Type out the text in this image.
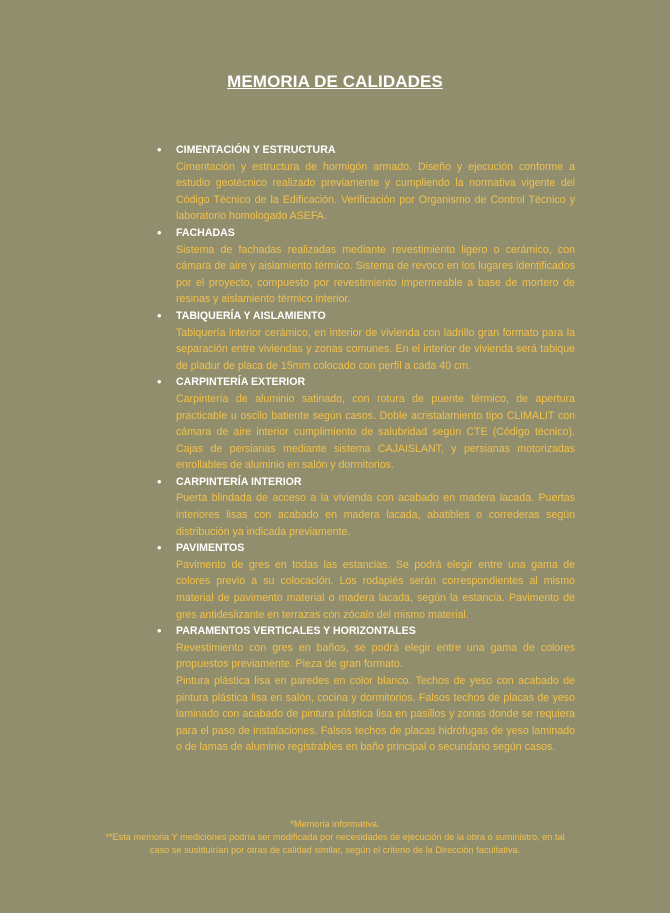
MEMORIA DE CALIDADES
• CIMENTACIÓN Y ESTRUCTURA

Cimentación y estructura de hormigón armado. Diseño y ejecución conforme a estudio geotécnico realizado previamente y cumpliendo la normativa vigente del Código Técnico de la Edificación. Verificación por Organismo de Control Técnico y laboratorio homologado ASEFA.

• FACHADAS

Sistema de fachadas realizadas mediante revestimiento ligero o cerámico, con cámara de aire y aislamiento térmico. Sistema de revoco en los lugares identificados por el proyecto, compuesto por revestimiento impermeable a base de mortero de resinas y aislamiento térmico interior.

• TABIQUERÍA Y AISLAMIENTO

Tabiquería interior cerámico, en interior de vivienda con ladrillo gran formato para la separación entre viviendas y zonas comunes. En el interior de vivienda será tabique de pladur de placa de 15mm colocado con perfil a cada 40 cm.

• CARPINTERÍA EXTERIOR

Carpintería de aluminio satinado, con rotura de puente térmico, de apertura practicable u oscilo batiente según casos. Doble acristalamiento tipo CLIMALIT con cámara de aire interior cumplimiento de salubridad según CTE (Código técnico). Cajas de persianas mediante sistema CAJAISLANT, y persianas motorizadas enrollables de aluminio en salón y dormitorios.

• CARPINTERÍA INTERIOR

Puerta blindada de acceso a la vivienda con acabado en madera lacada. Puertas interiores lisas con acabado en madera lacada, abatibles o correderas según distribución ya indicada previamente.

• PAVIMENTOS

Pavimento de gres en todas las estancias. Se podrá elegir entre una gama de colores previo a su colocación. Los rodapiés serán correspondientes al mismo material de pavimento material o madera lacada, según la estancia. Pavimento de gres antideslizante en terrazas con zócalo del mismo material.

• PARAMENTOS VERTICALES Y HORIZONTALES

Revestimiento con gres en baños, se podrá elegir entre una gama de colores propuestos previamente. Pieza de gran formato.

Pintura plástica lisa en paredes en color blanco. Techos de yeso con acabado de pintura plástica lisa en salón, cocina y dormitorios. Falsos techos de placas de yeso laminado con acabado de pintura plástica lisa en pasillos y zonas donde se requiera para el paso de instalaciones. Falsos techos de placas hidrófugas de yeso laminado o de lamas de aluminio registrables en baño principal o secundario según casos.

*Memoria informativa.

**Esta memoria Y mediciones podría ser modificada por necesidades de ejecución de la obra o suministro, en tal caso se sustituirían por otras de calidad similar, según el criterio de la Dirección facultativa.
